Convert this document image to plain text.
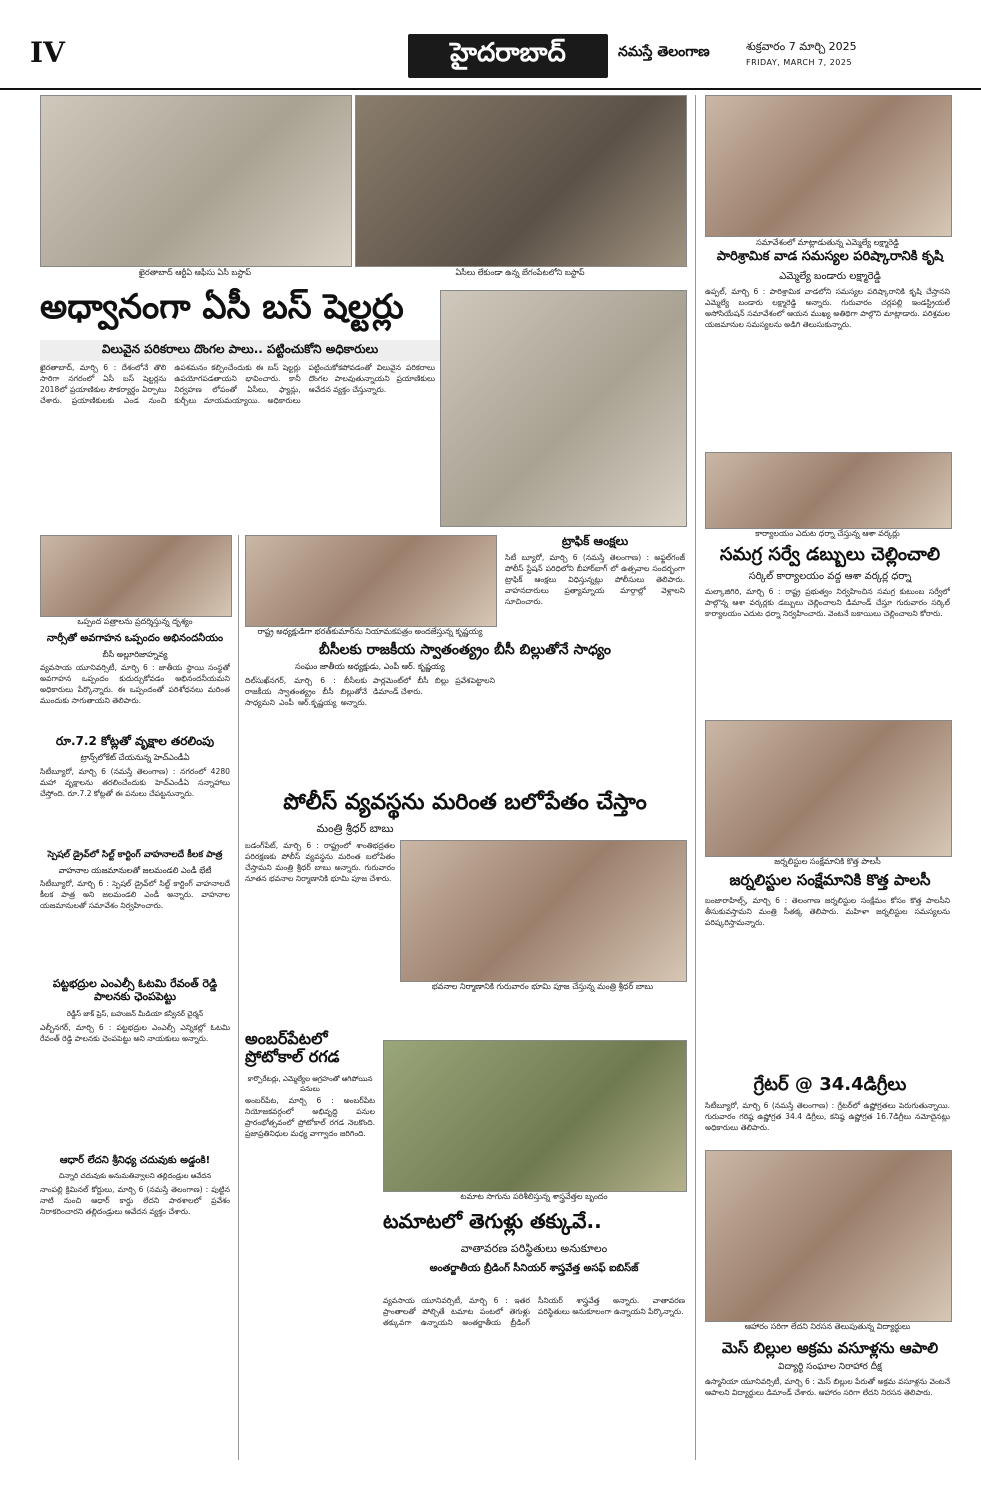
IV	హైదరాబాద్	నమస్తే తెలంగాణ	శుక్రవారం 7 మార్చి 2025
FRIDAY, MARCH 7, 2025
ఖైరతాబాద్ ఆర్టీఏ ఆఫీసు ఏసీ బస్టాప్	ఏసీలు లేకుండా ఉన్న బేగంపేటలోని బస్టాప్
అధ్వానంగా ఏసీ బస్‌ షెల్టర్లు
విలువైన పరికరాలు దొంగల పాలు.. పట్టించుకోని అధికారులు
ఖైరతాబాద్‌, మార్చి 6 : దేశంలోనే తొలి సారిగా నగరంలో ఏసీ బస్‌ షెల్టర్లను 2018లో ప్రయాణికుల సౌకర్యార్థం ఏర్పాటు చేశారు. ప్రయాణికులకు ఎండ నుంచి ఉపశమనం కల్పించేందుకు ఈ బస్‌ షెల్టర్లు ఉపయోగపడతాయని భావించారు. కానీ నిర్వహణ లోపంతో ఏసీలు, ఫ్యాన్లు, కుర్చీలు మాయమయ్యాయి. అధికారులు పట్టించుకోకపోవడంతో విలువైన పరికరాలు దొంగల పాలవుతున్నాయని ప్రయాణికులు ఆవేదన వ్యక్తం చేస్తున్నారు.
సమావేశంలో మాట్లాడుతున్న ఎమ్మెల్యే లక్ష్మారెడ్డి
పారిశ్రామిక వాడ సమస్యల పరిష్కారానికి కృషి
ఎమ్మెల్యే బండారు లక్ష్మారెడ్డి
ఉప్పల్‌, మార్చి 6 : పారిశ్రామిక వాడలోని సమస్యల పరిష్కారానికి కృషి చేస్తానని ఎమ్మెల్యే బండారు లక్ష్మారెడ్డి అన్నారు. గురువారం చర్లపల్లి ఇండస్ట్రియల్‌ అసోసియేషన్‌ సమావేశంలో ఆయన ముఖ్య అతిథిగా పాల్గొని మాట్లాడారు. పరిశ్రమల యజమానుల సమస్యలను అడిగి తెలుసుకున్నారు.
కార్యాలయం ఎదుట ధర్నా చేస్తున్న ఆశా వర్కర్లు
సమగ్ర సర్వే డబ్బులు చెల్లించాలి
సర్కిల్‌ కార్యాలయం వద్ద ఆశా వర్కర్ల ధర్నా
మల్కాజిగిరి, మార్చి 6 : రాష్ట్ర ప్రభుత్వం నిర్వహించిన సమగ్ర కుటుంబ సర్వేలో పాల్గొన్న ఆశా వర్కర్లకు డబ్బులు చెల్లించాలని డిమాండ్‌ చేస్తూ గురువారం సర్కిల్‌ కార్యాలయం ఎదుట ధర్నా నిర్వహించారు. వెంటనే బకాయిలు చెల్లించాలని కోరారు.
ఒప్పంద పత్రాలను ప్రదర్శిస్తున్న దృశ్యం
నార్సీతో అవగాహన ఒప్పందం అభినందనీయం
బీసీ అల్లూరిజాహ్నవ్య
వ్యవసాయ యూనివర్సిటీ, మార్చి 6 : జాతీయ స్థాయి సంస్థతో అవగాహన ఒప్పందం కుదుర్చుకోవడం అభినందనీయమని అధికారులు పేర్కొన్నారు. ఈ ఒప్పందంతో పరిశోధనలు మరింత ముందుకు సాగుతాయని తెలిపారు.
రూ.7.2 కోట్లతో వృక్షాల తరలింపు
ట్రాన్స్‌లోకేట్‌ చేయనున్న హెచ్‌ఎండీఏ
సిటీబ్యూరో, మార్చి 6 (నమస్తే తెలంగాణ) : నగరంలో 4280 మహా వృక్షాలను తరలించేందుకు హెచ్‌ఎండీఏ సన్నాహాలు చేస్తోంది. రూ.7.2 కోట్లతో ఈ పనులు చేపట్టనున్నారు.
స్పెషల్‌ డ్రైవ్‌లో సిల్ట్‌ కార్టింగ్‌ వాహనాలదే కీలక పాత్ర
వాహనాల యజమానులతో జలమండలి ఎండీ భేటీ
సిటీబ్యూరో, మార్చి 6 : స్పెషల్‌ డ్రైవ్‌లో సిల్ట్‌ కార్టింగ్‌ వాహనాలదే కీలక పాత్ర అని జలమండలి ఎండీ అన్నారు. వాహనాల యజమానులతో సమావేశం నిర్వహించారు.
పట్టభద్రుల ఎంఎల్సీ ఓటమి రేవంత్‌ రెడ్డి పాలనకు ఛెంపపెట్టు
రెడ్డీస్‌ జాక్‌ ప్రెస్‌, బహుజన్‌ మీడియా కన్వీనర్‌ చైర్మన్‌
ఎల్బీనగర్‌, మార్చి 6 : పట్టభద్రుల ఎంఎల్సీ ఎన్నికల్లో ఓటమి రేవంత్‌ రెడ్డి పాలనకు ఛెంపపెట్టు అని నాయకులు అన్నారు.
ఆధార్‌ లేదని శ్రీనిధ్య చదువుకు అడ్డంకి!
చిన్నారి చదువుకు అనుమతివ్వాలని తల్లిదండ్రుల ఆవేదన
నాంపల్లి క్రిమినల్‌ కోర్టులు, మార్చి 6 (నమస్తే తెలంగాణ) : పుట్టిన నాటి నుంచి ఆధార్‌ కార్డు లేదని పాఠశాలలో ప్రవేశం నిరాకరించారని తల్లిదండ్రులు ఆవేదన వ్యక్తం చేశారు.
రాష్ట్ర అధ్యక్షుడిగా భరత్‌కుమార్‌ను నియామకపత్రం అందజేస్తున్న కృష్ణయ్య
బీసీలకు రాజకీయ స్వాతంత్య్రం బీసీ బిల్లుతోనే సాధ్యం
సంఘం జాతీయ అధ్యక్షుడు, ఎంపీ ఆర్‌. కృష్ణయ్య
దిల్‌సుఖ్‌నగర్‌, మార్చి 6 : బీసీలకు రాజకీయ స్వాతంత్య్రం బీసీ బిల్లుతోనే సాధ్యమని ఎంపీ ఆర్‌.కృష్ణయ్య అన్నారు. పార్లమెంట్‌లో బీసీ బిల్లు ప్రవేశపెట్టాలని డిమాండ్‌ చేశారు.
ట్రాఫిక్‌ ఆంక్షలు
సిటీ బ్యూరో, మార్చి 6 (నమస్తే తెలంగాణ) : అఫ్జల్‌గంజ్‌ పోలీస్‌ స్టేషన్‌ పరిధిలోని బీహార్‌బాగ్‌ లో ఉత్సవాల సందర్భంగా ట్రాఫిక్‌ ఆంక్షలు విధిస్తున్నట్లు పోలీసులు తెలిపారు. వాహనదారులు ప్రత్యామ్నాయ మార్గాల్లో వెళ్లాలని సూచించారు.
పోలీస్‌ వ్యవస్థను మరింత బలోపేతం చేస్తాం
మంత్రి శ్రీధర్‌ బాబు
బడంగ్‌పేట్‌, మార్చి 6 : రాష్ట్రంలో శాంతిభద్రతల పరిరక్షణకు పోలీస్‌ వ్యవస్థను మరింత బలోపేతం చేస్తామని మంత్రి శ్రీధర్‌ బాబు అన్నారు. గురువారం నూతన భవనాల నిర్మాణానికి భూమి పూజ చేశారు.
భవనాల నిర్మాణానికి గురువారం భూమి పూజ చేస్తున్న మంత్రి శ్రీధర్‌ బాబు
అంబర్‌పేటలో ప్రోటోకాల్‌ రగడ
కార్పొరేటర్లు, ఎమ్మెల్యేల ఆగ్రహంతో ఆగిపోయిన పనులు
అంబర్‌పేట, మార్చి 6 : అంబర్‌పేట నియోజకవర్గంలో అభివృద్ధి పనుల ప్రారంభోత్సవంలో ప్రోటోకాల్‌ రగడ నెలకొంది. ప్రజాప్రతినిధుల మధ్య వాగ్వాదం జరిగింది.
టమాట సాగును పరిశీలిస్తున్న శాస్త్రవేత్తల బృందం
టమాటలో తెగుళ్లు తక్కువే..
వాతావరణ పరిస్థితులు అనుకూలం
అంతర్జాతీయ బ్రీడింగ్‌ సీనియర్‌ శాస్త్రవేత్త అసఫ్‌ ఐబిస్‌జ్
వ్యవసాయ యూనివర్సిటీ, మార్చి 6 : ఇతర ప్రాంతాలతో పోల్చితే టమాట పంటలో తెగుళ్లు తక్కువగా ఉన్నాయని అంతర్జాతీయ బ్రీడింగ్‌ సీనియర్‌ శాస్త్రవేత్త అన్నారు. వాతావరణ పరిస్థితులు అనుకూలంగా ఉన్నాయని పేర్కొన్నారు.
జర్నలిస్టుల సంక్షేమానికి కొత్త పాలసీ
జర్నలిస్టుల సంక్షేమానికి కొత్త పాలసీ
బంజారాహిల్స్‌, మార్చి 6 : తెలంగాణ జర్నలిస్టుల సంక్షేమం కోసం కొత్త పాలసీని తీసుకువస్తామని మంత్రి సీతక్క తెలిపారు. మహిళా జర్నలిస్టుల సమస్యలను పరిష్కరిస్తామన్నారు.
గ్రేటర్‌ @ 34.4డిగ్రీలు
సిటీబ్యూరో, మార్చి 6 (నమస్తే తెలంగాణ) : గ్రేటర్‌లో ఉష్ణోగ్రతలు పెరుగుతున్నాయి. గురువారం గరిష్ఠ ఉష్ణోగ్రత 34.4 డిగ్రీలు, కనిష్ఠ ఉష్ణోగ్రత 16.7డిగ్రీలు నమోదైనట్లు అధికారులు తెలిపారు.
ఆహారం సరిగా లేదని నిరసన తెలుపుతున్న విద్యార్థులు
మెస్‌ బిల్లుల అక్రమ వసూళ్లను ఆపాలి
విద్యార్థి సంఘాల నిరాహార దీక్ష
ఉస్మానియా యూనివర్సిటీ, మార్చి 6 : మెస్‌ బిల్లుల పేరుతో అక్రమ వసూళ్లను వెంటనే ఆపాలని విద్యార్థులు డిమాండ్‌ చేశారు. ఆహారం సరిగా లేదని నిరసన తెలిపారు.
